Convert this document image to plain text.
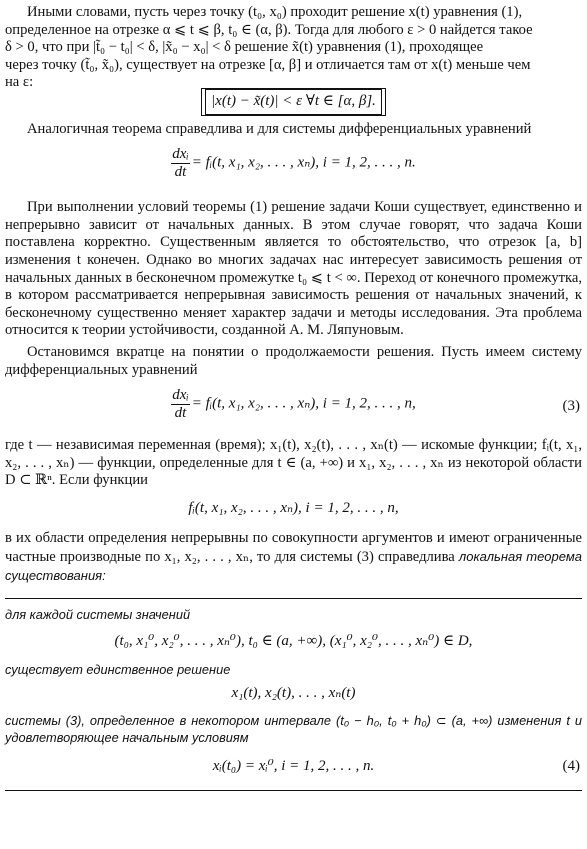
Иными словами, пусть через точку (t₀, x₀) проходит решение x(t) уравнения (1),

определенное на отрезке α ⩽ t ⩽ β, t₀ ∈ (α, β). Тогда для любого ε > 0 найдется такое

δ > 0, что при |t̃₀ − t₀| < δ, |x̃₀ − x₀| < δ решение x̃(t) уравнения (1), проходящее

через точку (t̃₀, x̃₀), существует на отрезке [α, β] и отличается там от x(t) меньше чем

на ε:

|x(t) − x̃(t)| < ε ∀t ∈ [α, β].

Аналогичная теорема справедлива и для системы дифференциальных уравнений

$\frac{\text{dxᵢ}}{dt}$ = fᵢ(t, x₁, x₂, . . . , xₙ), i = 1, 2, . . . , n.

При выполнении условий теоремы (1) решение задачи Коши существует, единственно и непрерывно зависит от начальных данных. В этом случае говорят, что задача Коши поставлена корректно. Существенным является то обстоятельство, что отрезок [a, b] изменения t конечен. Однако во многих задачах нас интересует зависимость решения от начальных данных в бесконечном промежутке t₀ ⩽ t < ∞. Переход от конечного промежутка, в котором рассматривается непрерывная зависимость решения от начальных значений, к бесконечному существенно меняет характер задачи и методы исследования. Эта проблема относится к теории устойчивости, созданной А. М. Ляпуновым.

Остановимся вкратце на понятии о продолжаемости решения. Пусть имеем систему дифференциальных уравнений

$\frac{\text{dxᵢ}}{dt}$ = fᵢ(t, x₁, x₂, . . . , xₙ), i = 1, 2, . . . , n,	(3)

где t — независимая переменная (время); x₁(t), x₂(t), . . . , xₙ(t) — искомые функции; fᵢ(t, x₁, x₂, . . . , xₙ) — функции, определенные для t ∈ (a, +∞) и x₁, x₂, . . . , xₙ из некоторой области D ⊂ ℝⁿ. Если функции

fᵢ(t, x₁, x₂, . . . , xₙ), i = 1, 2, . . . , n,

в их области определения непрерывны по совокупности аргументов и имеют ограниченные частные производные по x₁, x₂, . . . , xₙ, то для системы (3) справедлива локальная теорема существования:

для каждой системы значений
(t₀, x₁⁰, x₂⁰, . . . , xₙ⁰), t₀ ∈ (a, +∞), (x₁⁰, x₂⁰, . . . , xₙ⁰) ∈ D,
существует единственное решение
x₁(t), x₂(t), . . . , xₙ(t)
системы (3), определенное в некотором интервале (t₀ − h₀, t₀ + h₀) ⊂ (a, +∞) изменения t и удовлетворяющее начальным условиям
xᵢ(t₀) = xᵢ⁰, i = 1, 2, . . . , n.	(4)
